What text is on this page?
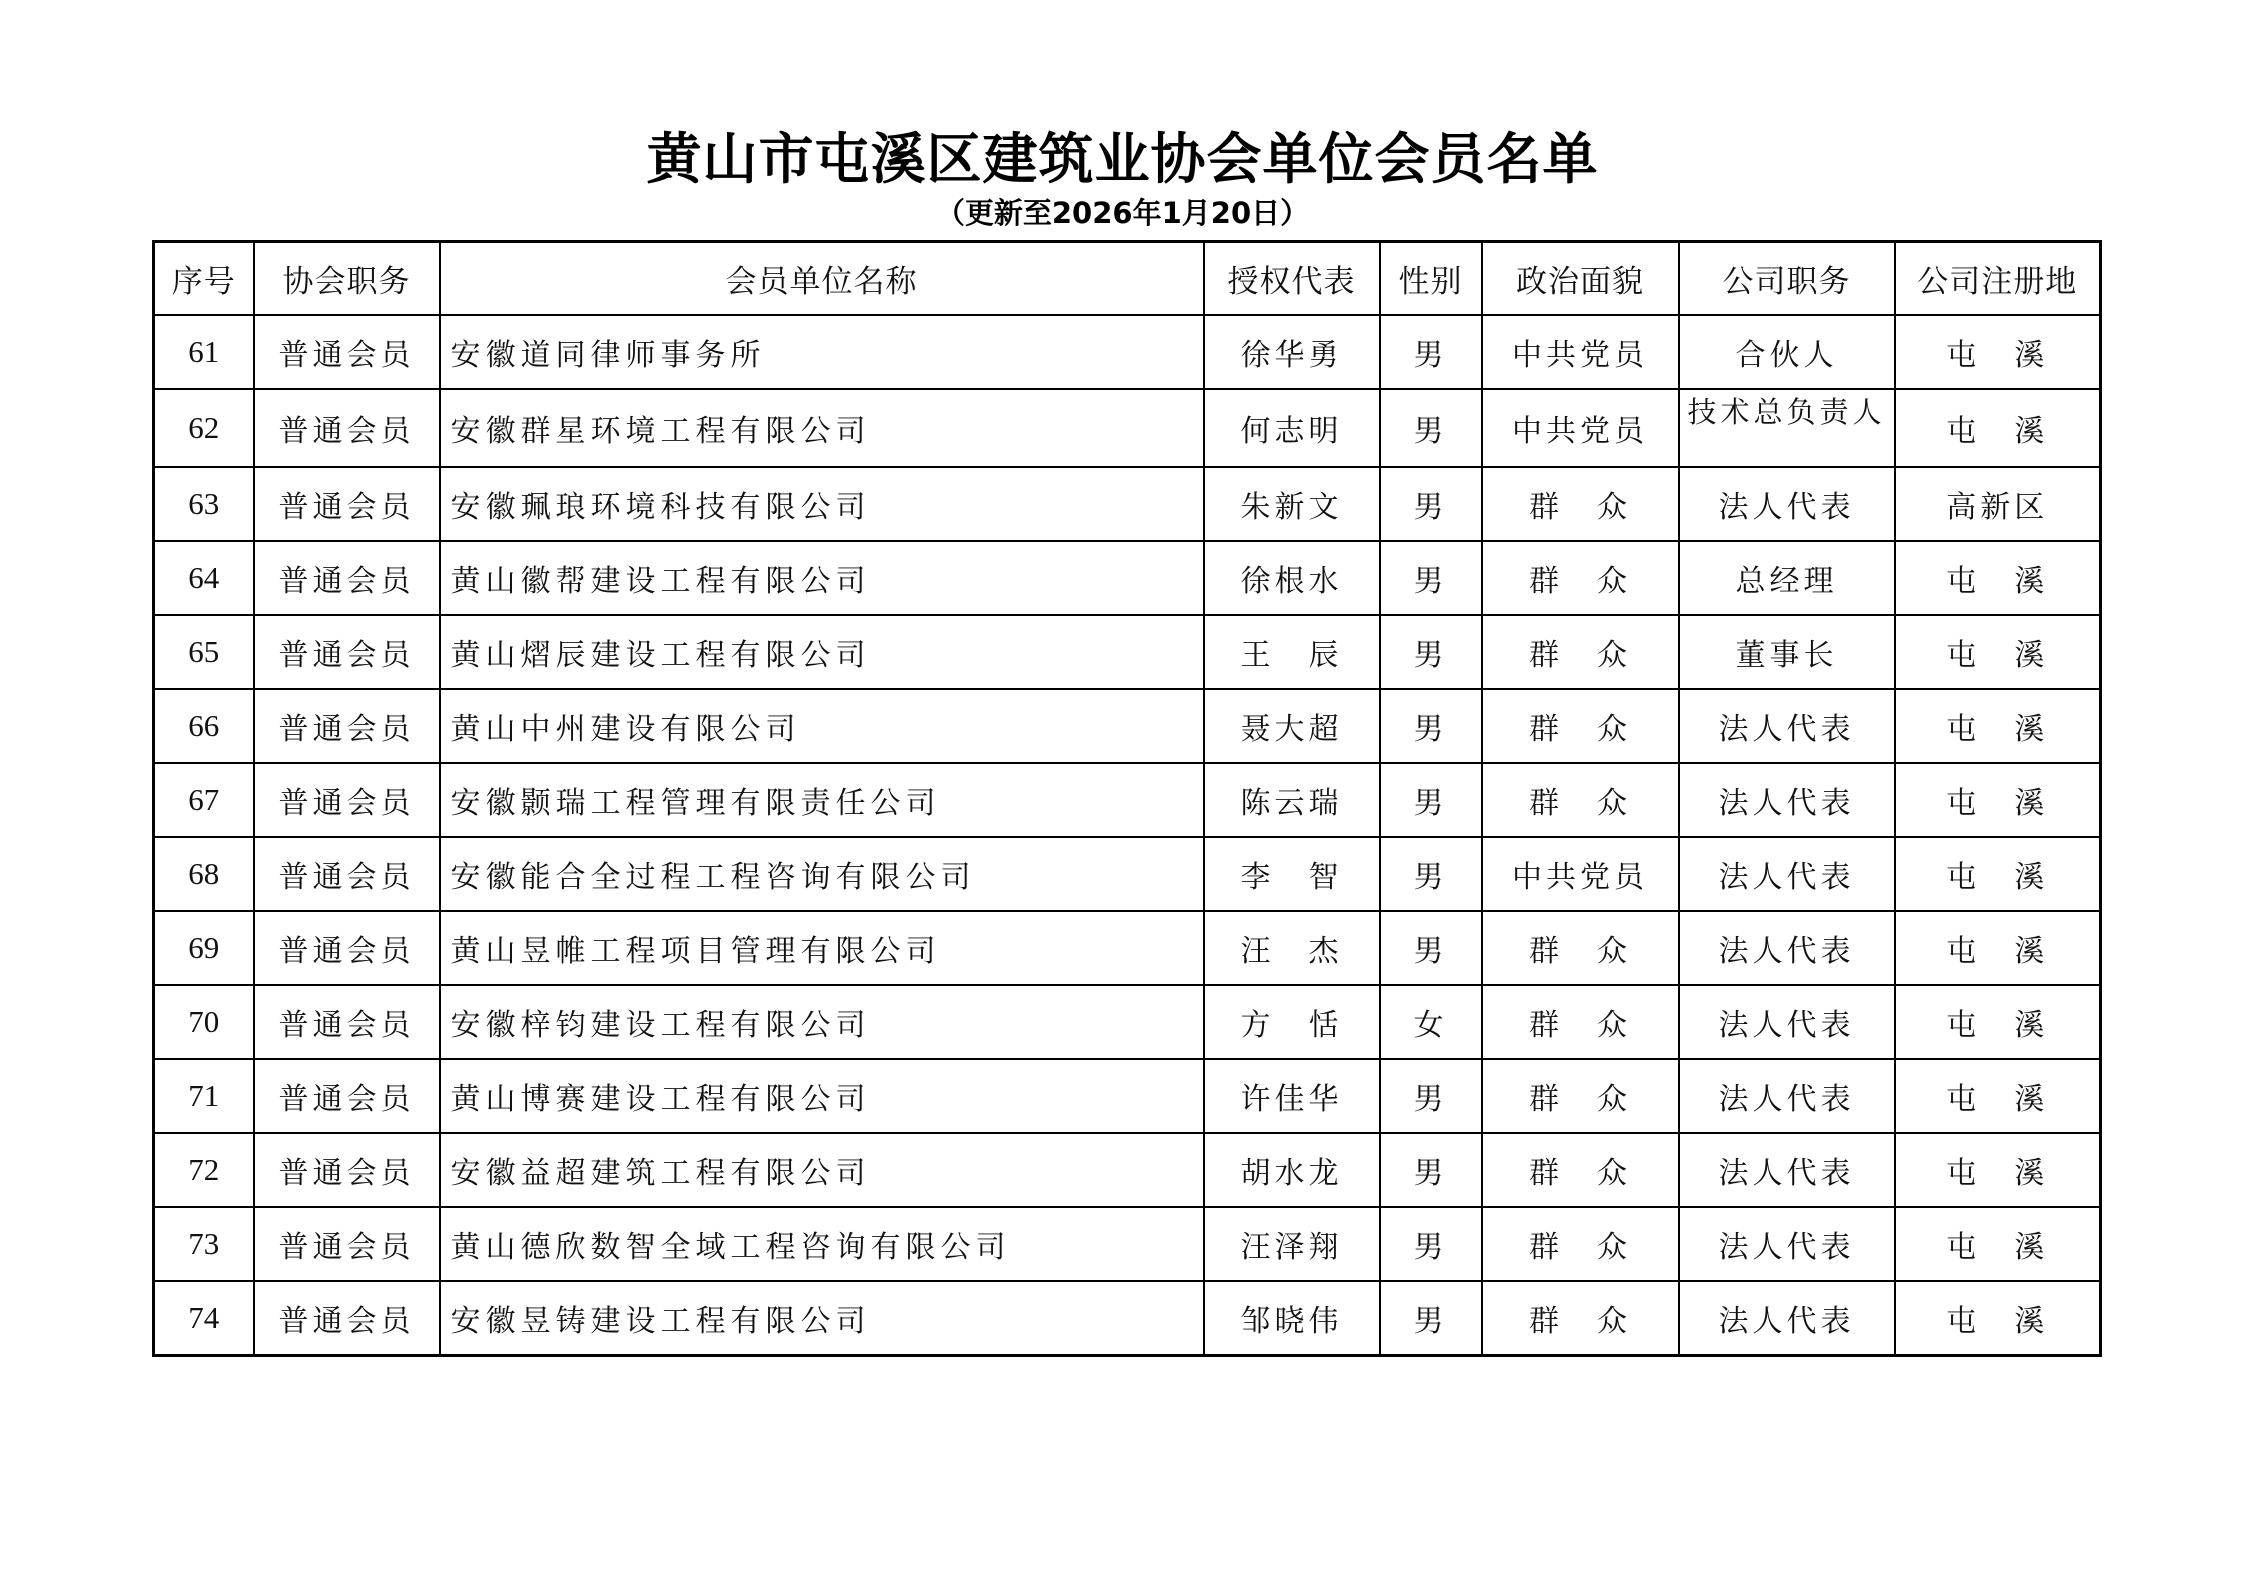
黄山市屯溪区建筑业协会单位会员名单
（更新至2026年1月20日）
序号	协会职务	会员单位名称	授权代表	性别	政治面貌	公司职务	公司注册地
61	普通会员	安徽道同律师事务所	徐华勇	男	中共党员	合伙人	屯　溪
62	普通会员	安徽群星环境工程有限公司	何志明	男	中共党员	技术总负责人	屯　溪
63	普通会员	安徽珮琅环境科技有限公司	朱新文	男	群　众	法人代表	高新区
64	普通会员	黄山徽帮建设工程有限公司	徐根水	男	群　众	总经理	屯　溪
65	普通会员	黄山熠辰建设工程有限公司	王　辰	男	群　众	董事长	屯　溪
66	普通会员	黄山中州建设有限公司	聂大超	男	群　众	法人代表	屯　溪
67	普通会员	安徽颢瑞工程管理有限责任公司	陈云瑞	男	群　众	法人代表	屯　溪
68	普通会员	安徽能合全过程工程咨询有限公司	李　智	男	中共党员	法人代表	屯　溪
69	普通会员	黄山昱帷工程项目管理有限公司	汪　杰	男	群　众	法人代表	屯　溪
70	普通会员	安徽梓钧建设工程有限公司	方　恬	女	群　众	法人代表	屯　溪
71	普通会员	黄山博赛建设工程有限公司	许佳华	男	群　众	法人代表	屯　溪
72	普通会员	安徽益超建筑工程有限公司	胡水龙	男	群　众	法人代表	屯　溪
73	普通会员	黄山德欣数智全域工程咨询有限公司	汪泽翔	男	群　众	法人代表	屯　溪
74	普通会员	安徽昱铸建设工程有限公司	邹晓伟	男	群　众	法人代表	屯　溪
